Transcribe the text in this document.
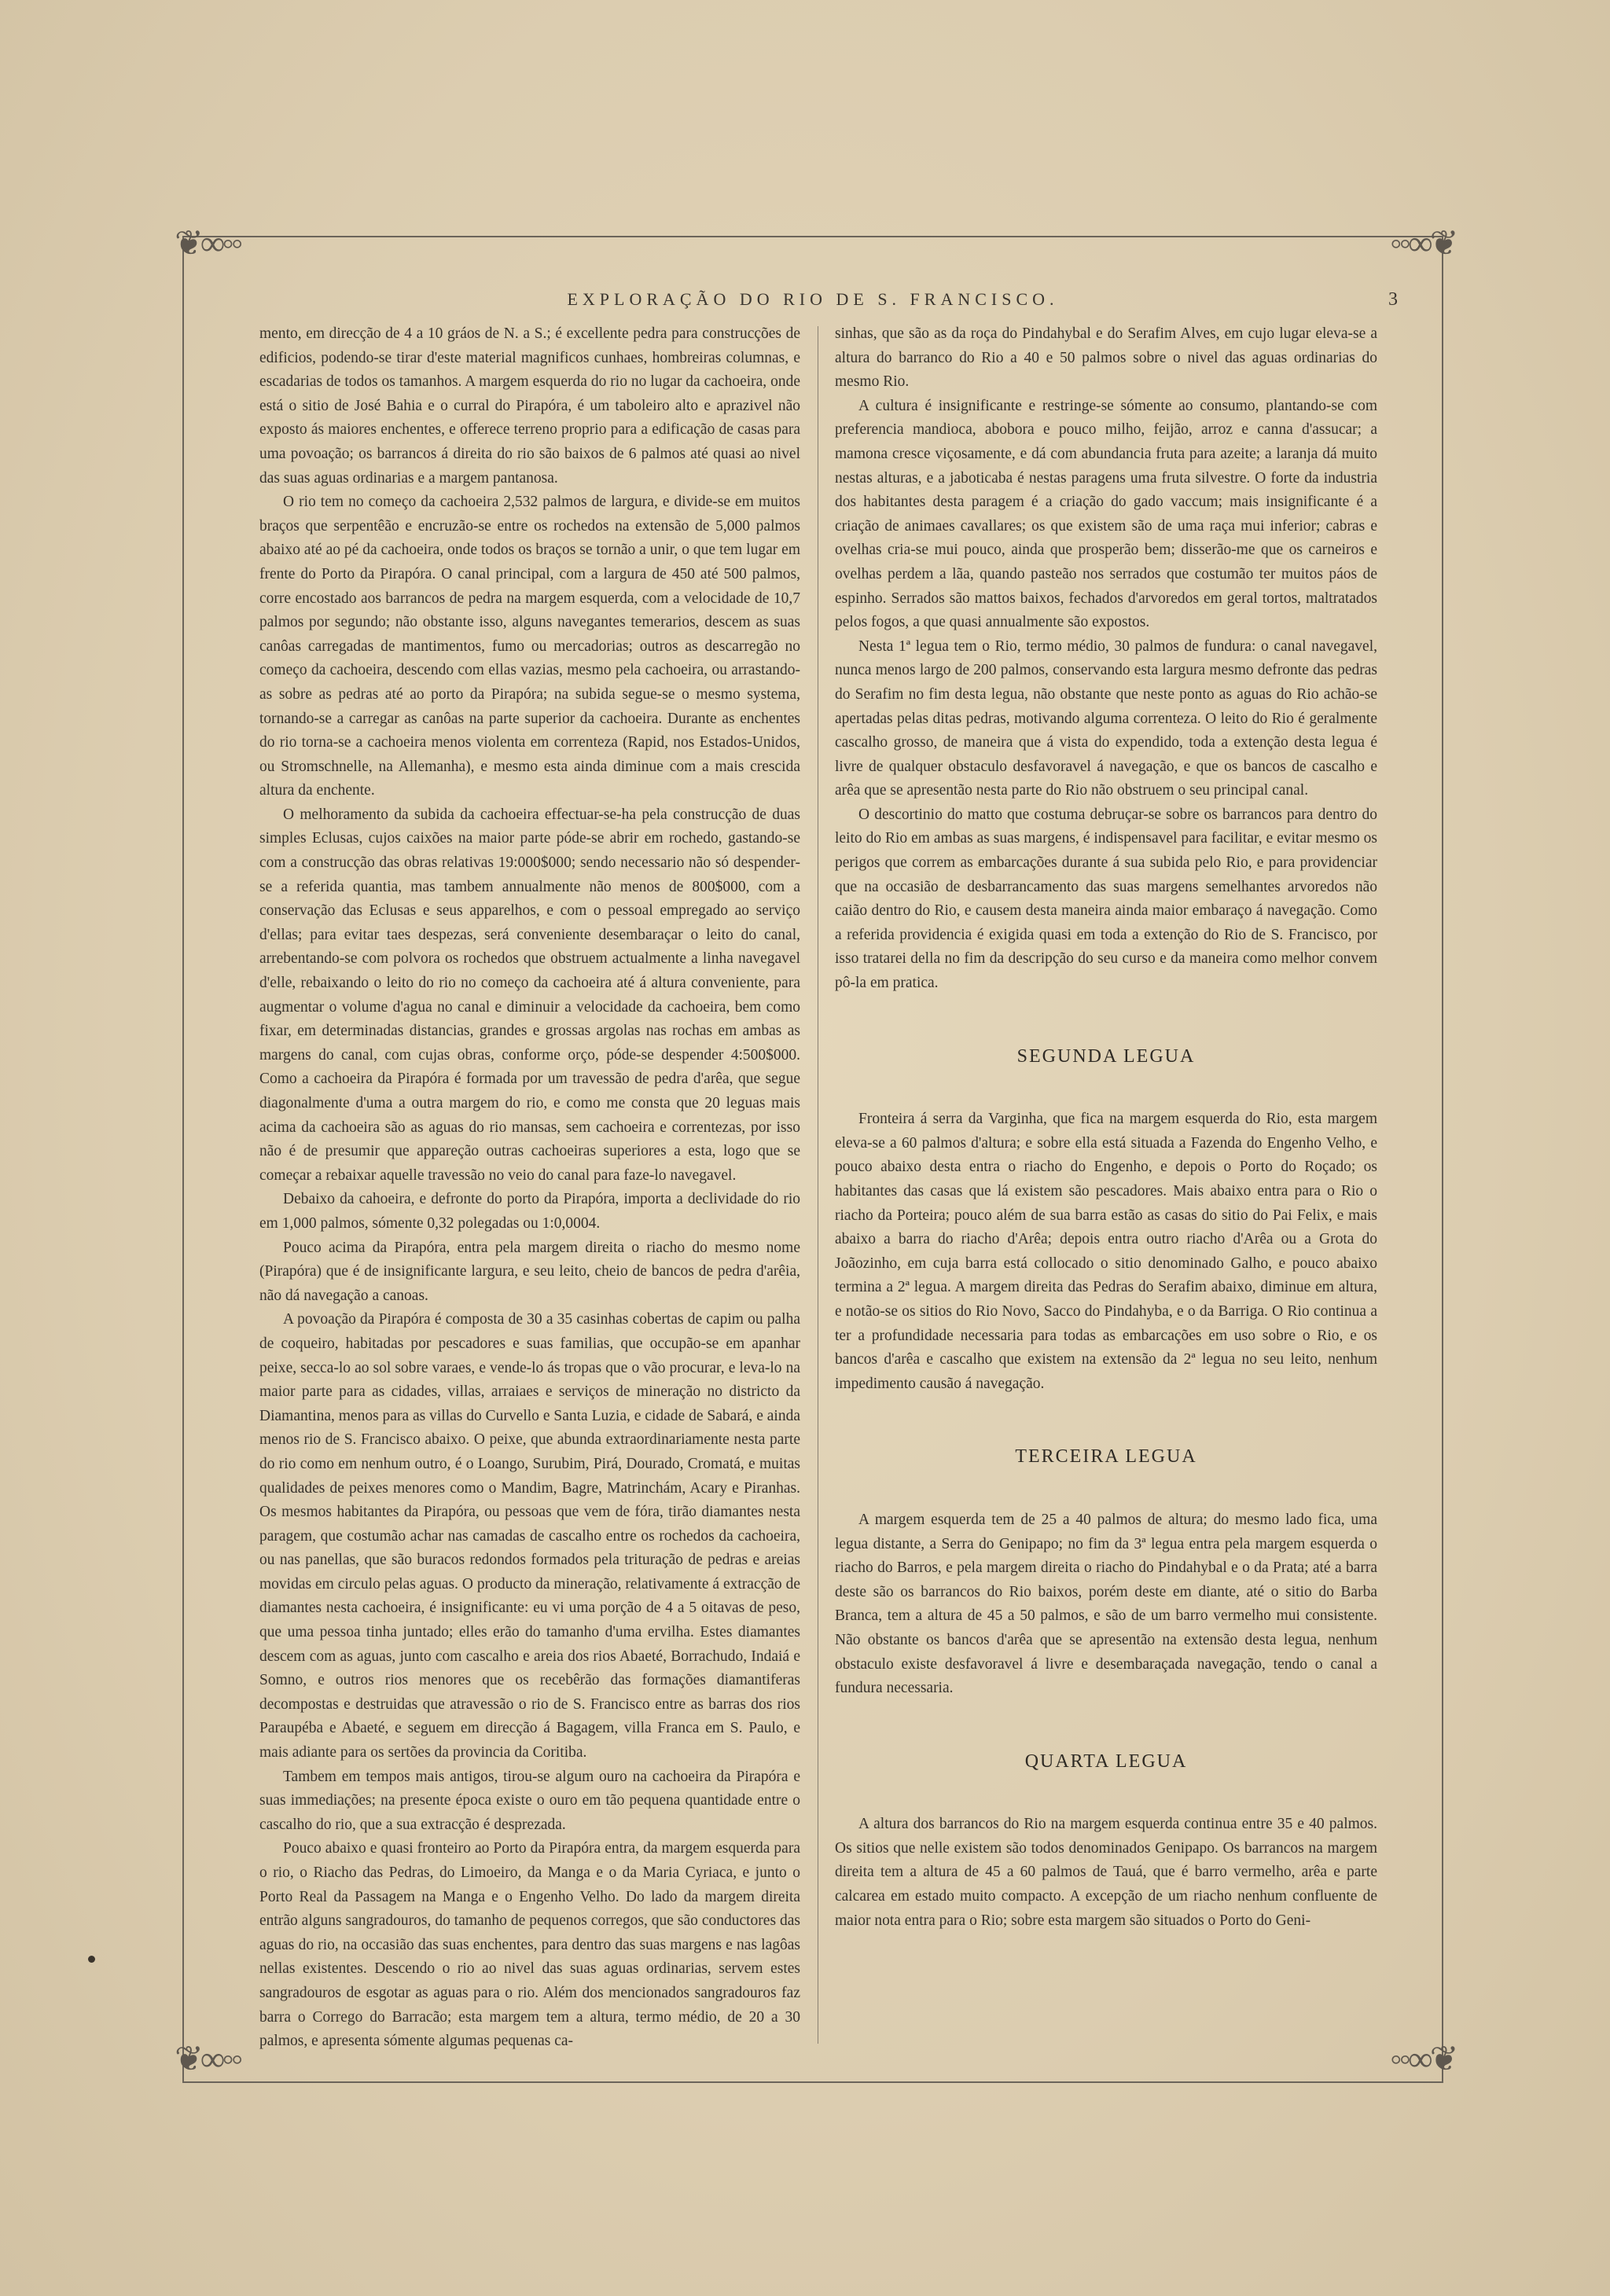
❦∞◦◦	◦◦∞❦
❦∞◦◦	◦◦∞❦
EXPLORAÇÃO DO RIO DE S. FRANCISCO.	3

mento, em direcção de 4 a 10 gráos de N. a S.; é excellente pedra para construcções de edificios, podendo-se tirar d'este material magnificos cunhaes, hombreiras columnas, e escadarias de todos os tamanhos. A margem esquerda do rio no lugar da cachoeira, onde está o sitio de José Bahia e o curral do Pirapóra, é um taboleiro alto e aprazivel não exposto ás maiores enchentes, e offerece terreno proprio para a edificação de casas para uma povoação; os barrancos á direita do rio são baixos de 6 palmos até quasi ao nivel das suas aguas ordinarias e a margem pantanosa.

O rio tem no começo da cachoeira 2,532 palmos de largura, e divide-se em muitos braços que serpentêão e encruzão-se entre os rochedos na extensão de 5,000 palmos abaixo até ao pé da cachoeira, onde todos os braços se tornão a unir, o que tem lugar em frente do Porto da Pirapóra. O canal principal, com a largura de 450 até 500 palmos, corre encostado aos barrancos de pedra na margem esquerda, com a velocidade de 10,7 palmos por segundo; não obstante isso, alguns navegantes temerarios, descem as suas canôas carregadas de mantimentos, fumo ou mercadorias; outros as descarregão no começo da cachoeira, descendo com ellas vazias, mesmo pela cachoeira, ou arrastando-as sobre as pedras até ao porto da Pirapóra; na subida segue-se o mesmo systema, tornando-se a carregar as canôas na parte superior da cachoeira. Durante as enchentes do rio torna-se a cachoeira menos violenta em correnteza (Rapid, nos Estados-Unidos, ou Stromschnelle, na Allemanha), e mesmo esta ainda diminue com a mais crescida altura da enchente.

O melhoramento da subida da cachoeira effectuar-se-ha pela construcção de duas simples Eclusas, cujos caixões na maior parte póde-se abrir em rochedo, gastando-se com a construcção das obras relativas 19:000$000; sendo necessario não só despender-se a referida quantia, mas tambem annualmente não menos de 800$000, com a conservação das Eclusas e seus apparelhos, e com o pessoal empregado ao serviço d'ellas; para evitar taes despezas, será conveniente desembaraçar o leito do canal, arrebentando-se com polvora os rochedos que obstruem actualmente a linha navegavel d'elle, rebaixando o leito do rio no começo da cachoeira até á altura conveniente, para augmentar o volume d'agua no canal e diminuir a velocidade da cachoeira, bem como fixar, em determinadas distancias, grandes e grossas argolas nas rochas em ambas as margens do canal, com cujas obras, conforme orço, póde-se despender 4:500$000. Como a cachoeira da Pirapóra é formada por um travessão de pedra d'arêa, que segue diagonalmente d'uma a outra margem do rio, e como me consta que 20 leguas mais acima da cachoeira são as aguas do rio mansas, sem cachoeira e correntezas, por isso não é de presumir que appareção outras cachoeiras superiores a esta, logo que se começar a rebaixar aquelle travessão no veio do canal para faze-lo navegavel.

Debaixo da cahoeira, e defronte do porto da Pirapóra, importa a declividade do rio em 1,000 palmos, sómente 0,32 polegadas ou 1:0,0004.

Pouco acima da Pirapóra, entra pela margem direita o riacho do mesmo nome (Pirapóra) que é de insignificante largura, e seu leito, cheio de bancos de pedra d'arêia, não dá navegação a canoas.

A povoação da Pirapóra é composta de 30 a 35 casinhas cobertas de capim ou palha de coqueiro, habitadas por pescadores e suas familias, que occupão-se em apanhar peixe, secca-lo ao sol sobre varaes, e vende-lo ás tropas que o vão procurar, e leva-lo na maior parte para as cidades, villas, arraiaes e serviços de mineração no districto da Diamantina, menos para as villas do Curvello e Santa Luzia, e cidade de Sabará, e ainda menos rio de S. Francisco abaixo. O peixe, que abunda extraordinariamente nesta parte do rio como em nenhum outro, é o Loango, Surubim, Pirá, Dourado, Cromatá, e muitas qualidades de peixes menores como o Mandim, Bagre, Matrinchám, Acary e Piranhas. Os mesmos habitantes da Pirapóra, ou pessoas que vem de fóra, tirão diamantes nesta paragem, que costumão achar nas camadas de cascalho entre os rochedos da cachoeira, ou nas panellas, que são buracos redondos formados pela trituração de pedras e areias movidas em circulo pelas aguas. O producto da mineração, relativamente á extracção de diamantes nesta cachoeira, é insignificante: eu vi uma porção de 4 a 5 oitavas de peso, que uma pessoa tinha juntado; elles erão do tamanho d'uma ervilha. Estes diamantes descem com as aguas, junto com cascalho e areia dos rios Abaeté, Borrachudo, Indaiá e Somno, e outros rios menores que os recebêrão das formações diamantiferas decompostas e destruidas que atravessão o rio de S. Francisco entre as barras dos rios Paraupéba e Abaeté, e seguem em direcção á Bagagem, villa Franca em S. Paulo, e mais adiante para os sertões da provincia da Coritiba.

Tambem em tempos mais antigos, tirou-se algum ouro na cachoeira da Pirapóra e suas immediações; na presente época existe o ouro em tão pequena quantidade entre o cascalho do rio, que a sua extracção é desprezada.

Pouco abaixo e quasi fronteiro ao Porto da Pirapóra entra, da margem esquerda para o rio, o Riacho das Pedras, do Limoeiro, da Manga e o da Maria Cyriaca, e junto o Porto Real da Passagem na Manga e o Engenho Velho. Do lado da margem direita entrão alguns sangradouros, do tamanho de pequenos corregos, que são conductores das aguas do rio, na occasião das suas enchentes, para dentro das suas margens e nas lagôas nellas existentes. Descendo o rio ao nivel das suas aguas ordinarias, servem estes sangradouros de esgotar as aguas para o rio. Além dos mencionados sangradouros faz barra o Corrego do Barracão; esta margem tem a altura, termo médio, de 20 a 30 palmos, e apresenta sómente algumas pequenas ca-

sinhas, que são as da roça do Pindahybal e do Serafim Alves, em cujo lugar eleva-se a altura do barranco do Rio a 40 e 50 palmos sobre o nivel das aguas ordinarias do mesmo Rio.

A cultura é insignificante e restringe-se sómente ao consumo, plantando-se com preferencia mandioca, abobora e pouco milho, feijão, arroz e canna d'assucar; a mamona cresce viçosamente, e dá com abundancia fruta para azeite; a laranja dá muito nestas alturas, e a jaboticaba é nestas paragens uma fruta silvestre. O forte da industria dos habitantes desta paragem é a criação do gado vaccum; mais insignificante é a criação de animaes cavallares; os que existem são de uma raça mui inferior; cabras e ovelhas cria-se mui pouco, ainda que prosperão bem; disserão-me que os carneiros e ovelhas perdem a lãa, quando pasteão nos serrados que costumão ter muitos páos de espinho. Serrados são mattos baixos, fechados d'arvoredos em geral tortos, maltratados pelos fogos, a que quasi annualmente são expostos.

Nesta 1ª legua tem o Rio, termo médio, 30 palmos de fundura: o canal navegavel, nunca menos largo de 200 palmos, conservando esta largura mesmo defronte das pedras do Serafim no fim desta legua, não obstante que neste ponto as aguas do Rio achão-se apertadas pelas ditas pedras, motivando alguma correnteza. O leito do Rio é geralmente cascalho grosso, de maneira que á vista do expendido, toda a extenção desta legua é livre de qualquer obstaculo desfavoravel á navegação, e que os bancos de cascalho e arêa que se apresentão nesta parte do Rio não obstruem o seu principal canal.

O descortinio do matto que costuma debruçar-se sobre os barrancos para dentro do leito do Rio em ambas as suas margens, é indispensavel para facilitar, e evitar mesmo os perigos que correm as embarcações durante á sua subida pelo Rio, e para providenciar que na occasião de desbarrancamento das suas margens semelhantes arvoredos não caião dentro do Rio, e causem desta maneira ainda maior embaraço á navegação. Como a referida providencia é exigida quasi em toda a extenção do Rio de S. Francisco, por isso tratarei della no fim da descripção do seu curso e da maneira como melhor convem pô-la em pratica.

SEGUNDA LEGUA

Fronteira á serra da Varginha, que fica na margem esquerda do Rio, esta margem eleva-se a 60 palmos d'altura; e sobre ella está situada a Fazenda do Engenho Velho, e pouco abaixo desta entra o riacho do Engenho, e depois o Porto do Roçado; os habitantes das casas que lá existem são pescadores. Mais abaixo entra para o Rio o riacho da Porteira; pouco além de sua barra estão as casas do sitio do Pai Felix, e mais abaixo a barra do riacho d'Arêa; depois entra outro riacho d'Arêa ou a Grota do Joãozinho, em cuja barra está collocado o sitio denominado Galho, e pouco abaixo termina a 2ª legua. A margem direita das Pedras do Serafim abaixo, diminue em altura, e notão-se os sitios do Rio Novo, Sacco do Pindahyba, e o da Barriga. O Rio continua a ter a profundidade necessaria para todas as embarcações em uso sobre o Rio, e os bancos d'arêa e cascalho que existem na extensão da 2ª legua no seu leito, nenhum impedimento causão á navegação.

TERCEIRA LEGUA

A margem esquerda tem de 25 a 40 palmos de altura; do mesmo lado fica, uma legua distante, a Serra do Genipapo; no fim da 3ª legua entra pela margem esquerda o riacho do Barros, e pela margem direita o riacho do Pindahybal e o da Prata; até a barra deste são os barrancos do Rio baixos, porém deste em diante, até o sitio do Barba Branca, tem a altura de 45 a 50 palmos, e são de um barro vermelho mui consistente. Não obstante os bancos d'arêa que se apresentão na extensão desta legua, nenhum obstaculo existe desfavoravel á livre e desembaraçada navegação, tendo o canal a fundura necessaria.

QUARTA LEGUA

A altura dos barrancos do Rio na margem esquerda continua entre 35 e 40 palmos. Os sitios que nelle existem são todos denominados Genipapo. Os barrancos na margem direita tem a altura de 45 a 60 palmos de Tauá, que é barro vermelho, arêa e parte calcarea em estado muito compacto. A excepção de um riacho nenhum confluente de maior nota entra para o Rio; sobre esta margem são situados o Porto do Geni-
